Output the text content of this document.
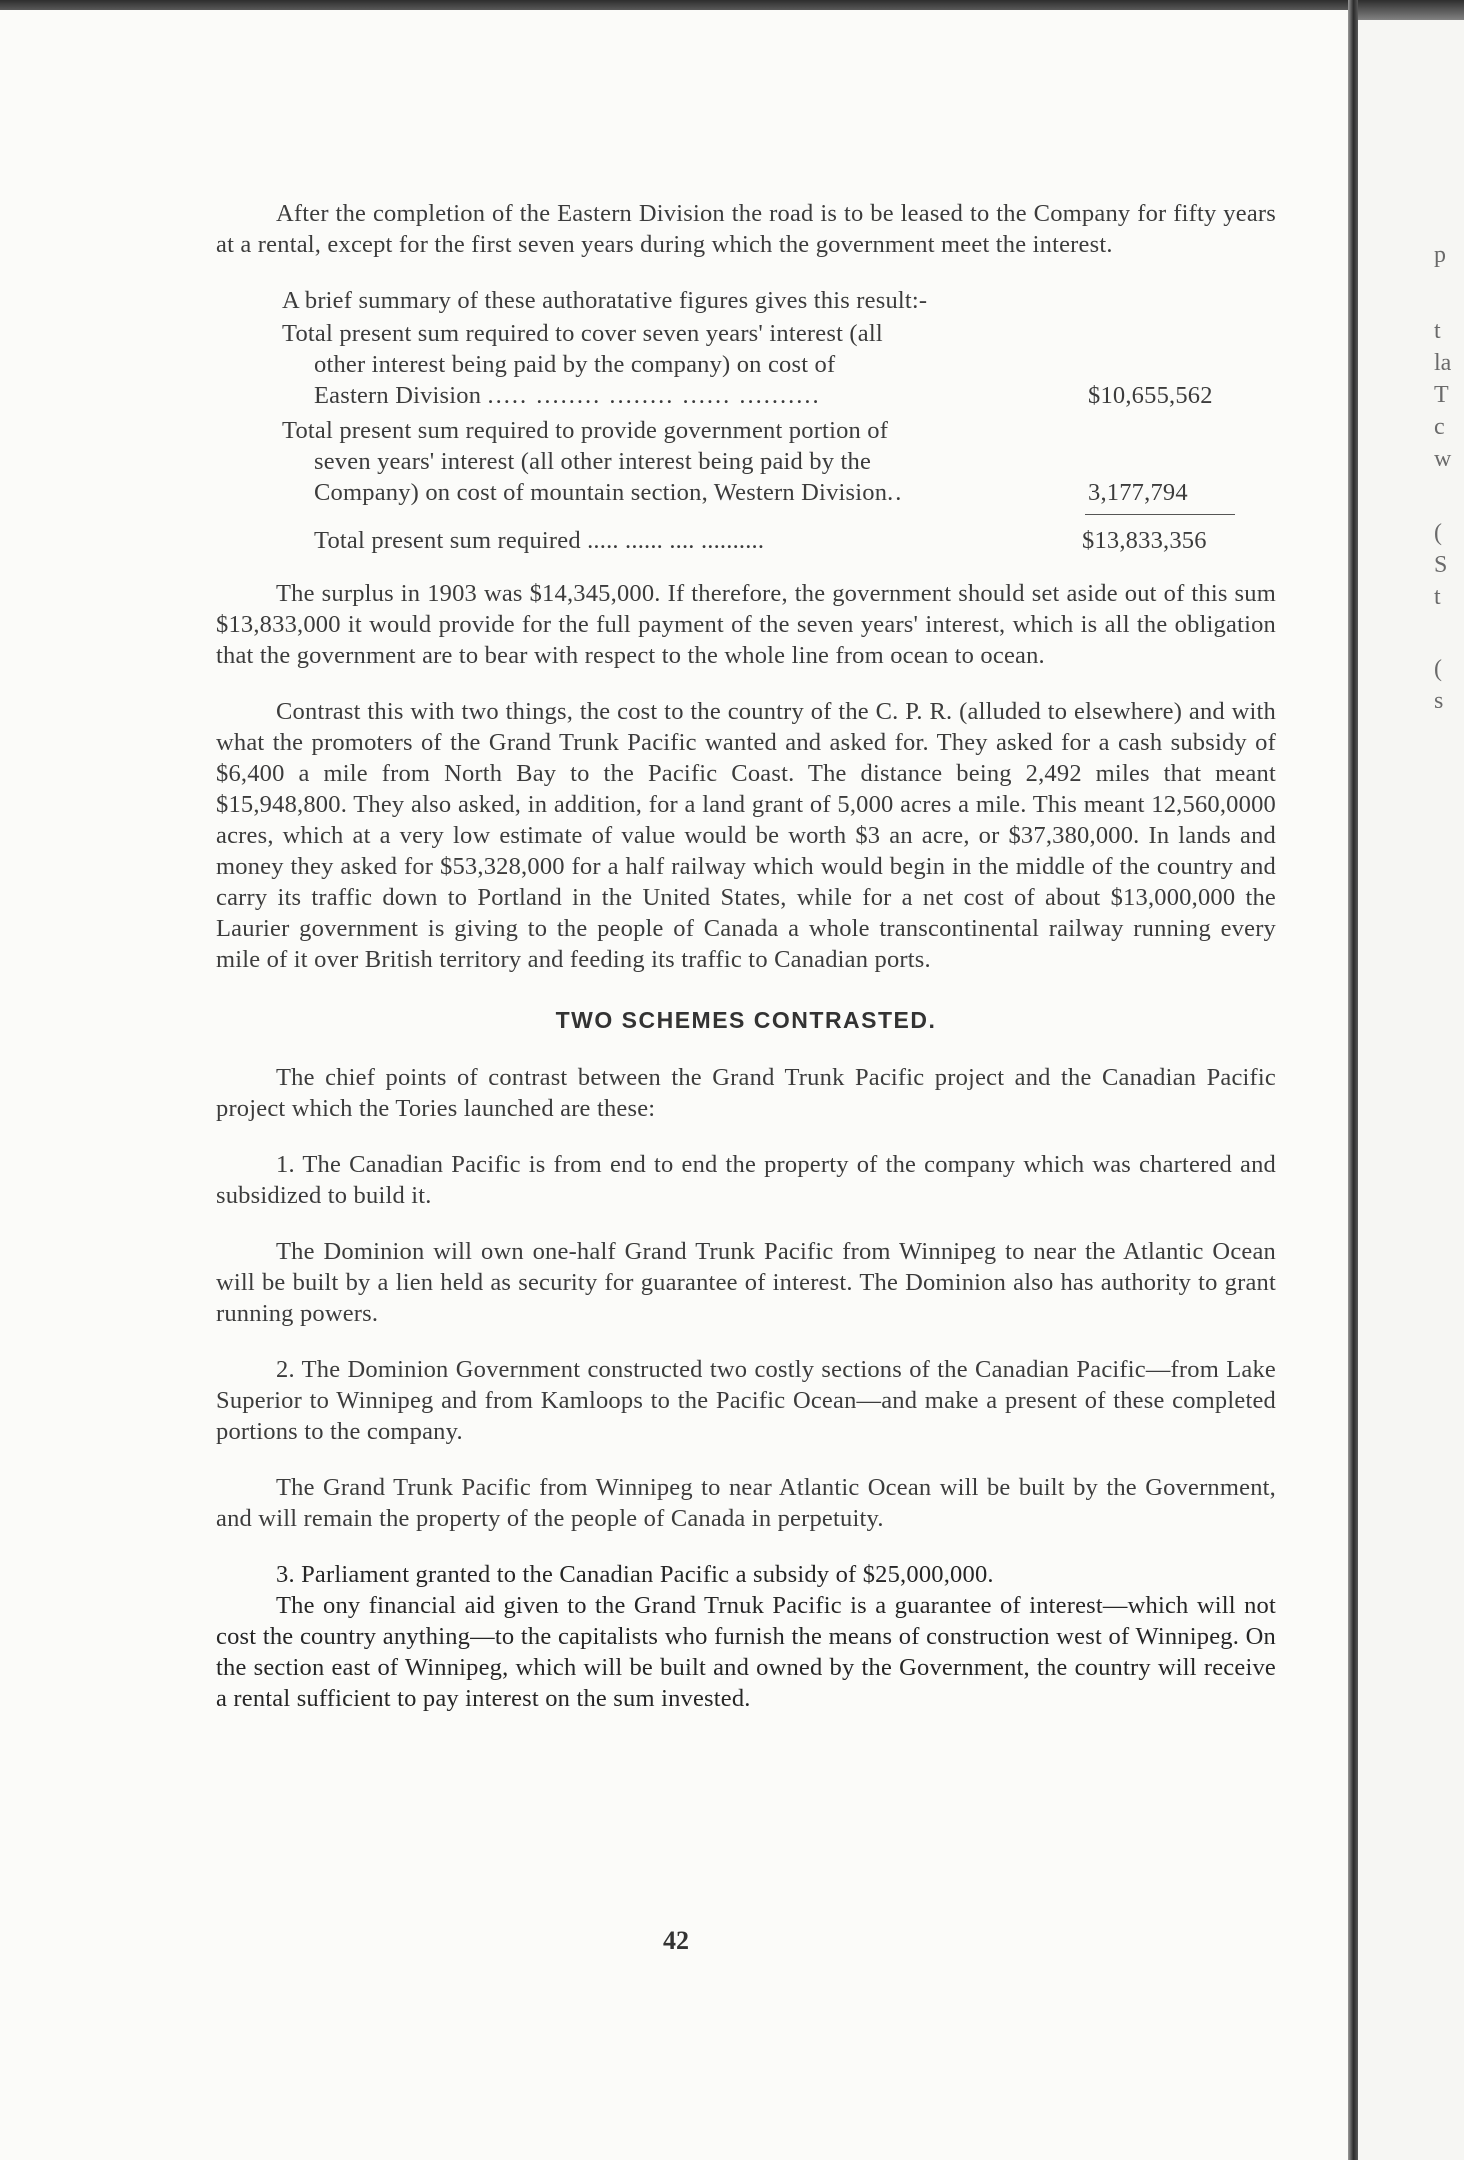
After the completion of the Eastern Division the road is to be leased to the Company for fifty years at a rental, except for the first seven years during which the government meet the interest.

A brief summary of these authoratative figures gives this result:-
Total present sum required to cover seven years' interest (all
other interest being paid by the company) on cost of
Eastern Division ..... ........ ........ ...... ..........	$10,655,562
Total present sum required to provide government portion of
seven years' interest (all other interest being paid by the
Company) on cost of mountain section, Western Division..	3,177,794
Total present sum required ..... ...... .... ..........	$13,833,356

The surplus in 1903 was $14,345,000. If therefore, the government should set aside out of this sum $13,833,000 it would provide for the full payment of the seven years' interest, which is all the obligation that the government are to bear with respect to the whole line from ocean to ocean.

Contrast this with two things, the cost to the country of the C. P. R. (alluded to elsewhere) and with what the promoters of the Grand Trunk Pacific wanted and asked for. They asked for a cash subsidy of $6,400 a mile from North Bay to the Pacific Coast. The distance being 2,492 miles that meant $15,948,800. They also asked, in addition, for a land grant of 5,000 acres a mile. This meant 12,560,0000 acres, which at a very low estimate of value would be worth $3 an acre, or $37,380,000. In lands and money they asked for $53,328,000 for a half railway which would begin in the middle of the country and carry its traffic down to Portland in the United States, while for a net cost of about $13,000,000 the Laurier government is giving to the people of Canada a whole transcontinental railway running every mile of it over British territory and feeding its traffic to Canadian ports.

TWO SCHEMES CONTRASTED.

The chief points of contrast between the Grand Trunk Pacific project and the Canadian Pacific project which the Tories launched are these:

1. The Canadian Pacific is from end to end the property of the company which was chartered and subsidized to build it.

The Dominion will own one-half Grand Trunk Pacific from Winnipeg to near the Atlantic Ocean will be built by a lien held as security for guarantee of interest. The Dominion also has authority to grant running powers.

2. The Dominion Government constructed two costly sections of the Canadian Pacific—from Lake Superior to Winnipeg and from Kamloops to the Pacific Ocean—and make a present of these completed portions to the company.

The Grand Trunk Pacific from Winnipeg to near Atlantic Ocean will be built by the Government, and will remain the property of the people of Canada in perpetuity.

3. Parliament granted to the Canadian Pacific a subsidy of $25,000,000.

The ony financial aid given to the Grand Trnuk Pacific is a guarantee of interest—which will not cost the country anything—to the capitalists who furnish the means of construction west of Winnipeg. On the section east of Winnipeg, which will be built and owned by the Government, the country will receive a rental sufficient to pay interest on the sum invested.

42
p
t
la
T
c
w
(
S
t
(
s
